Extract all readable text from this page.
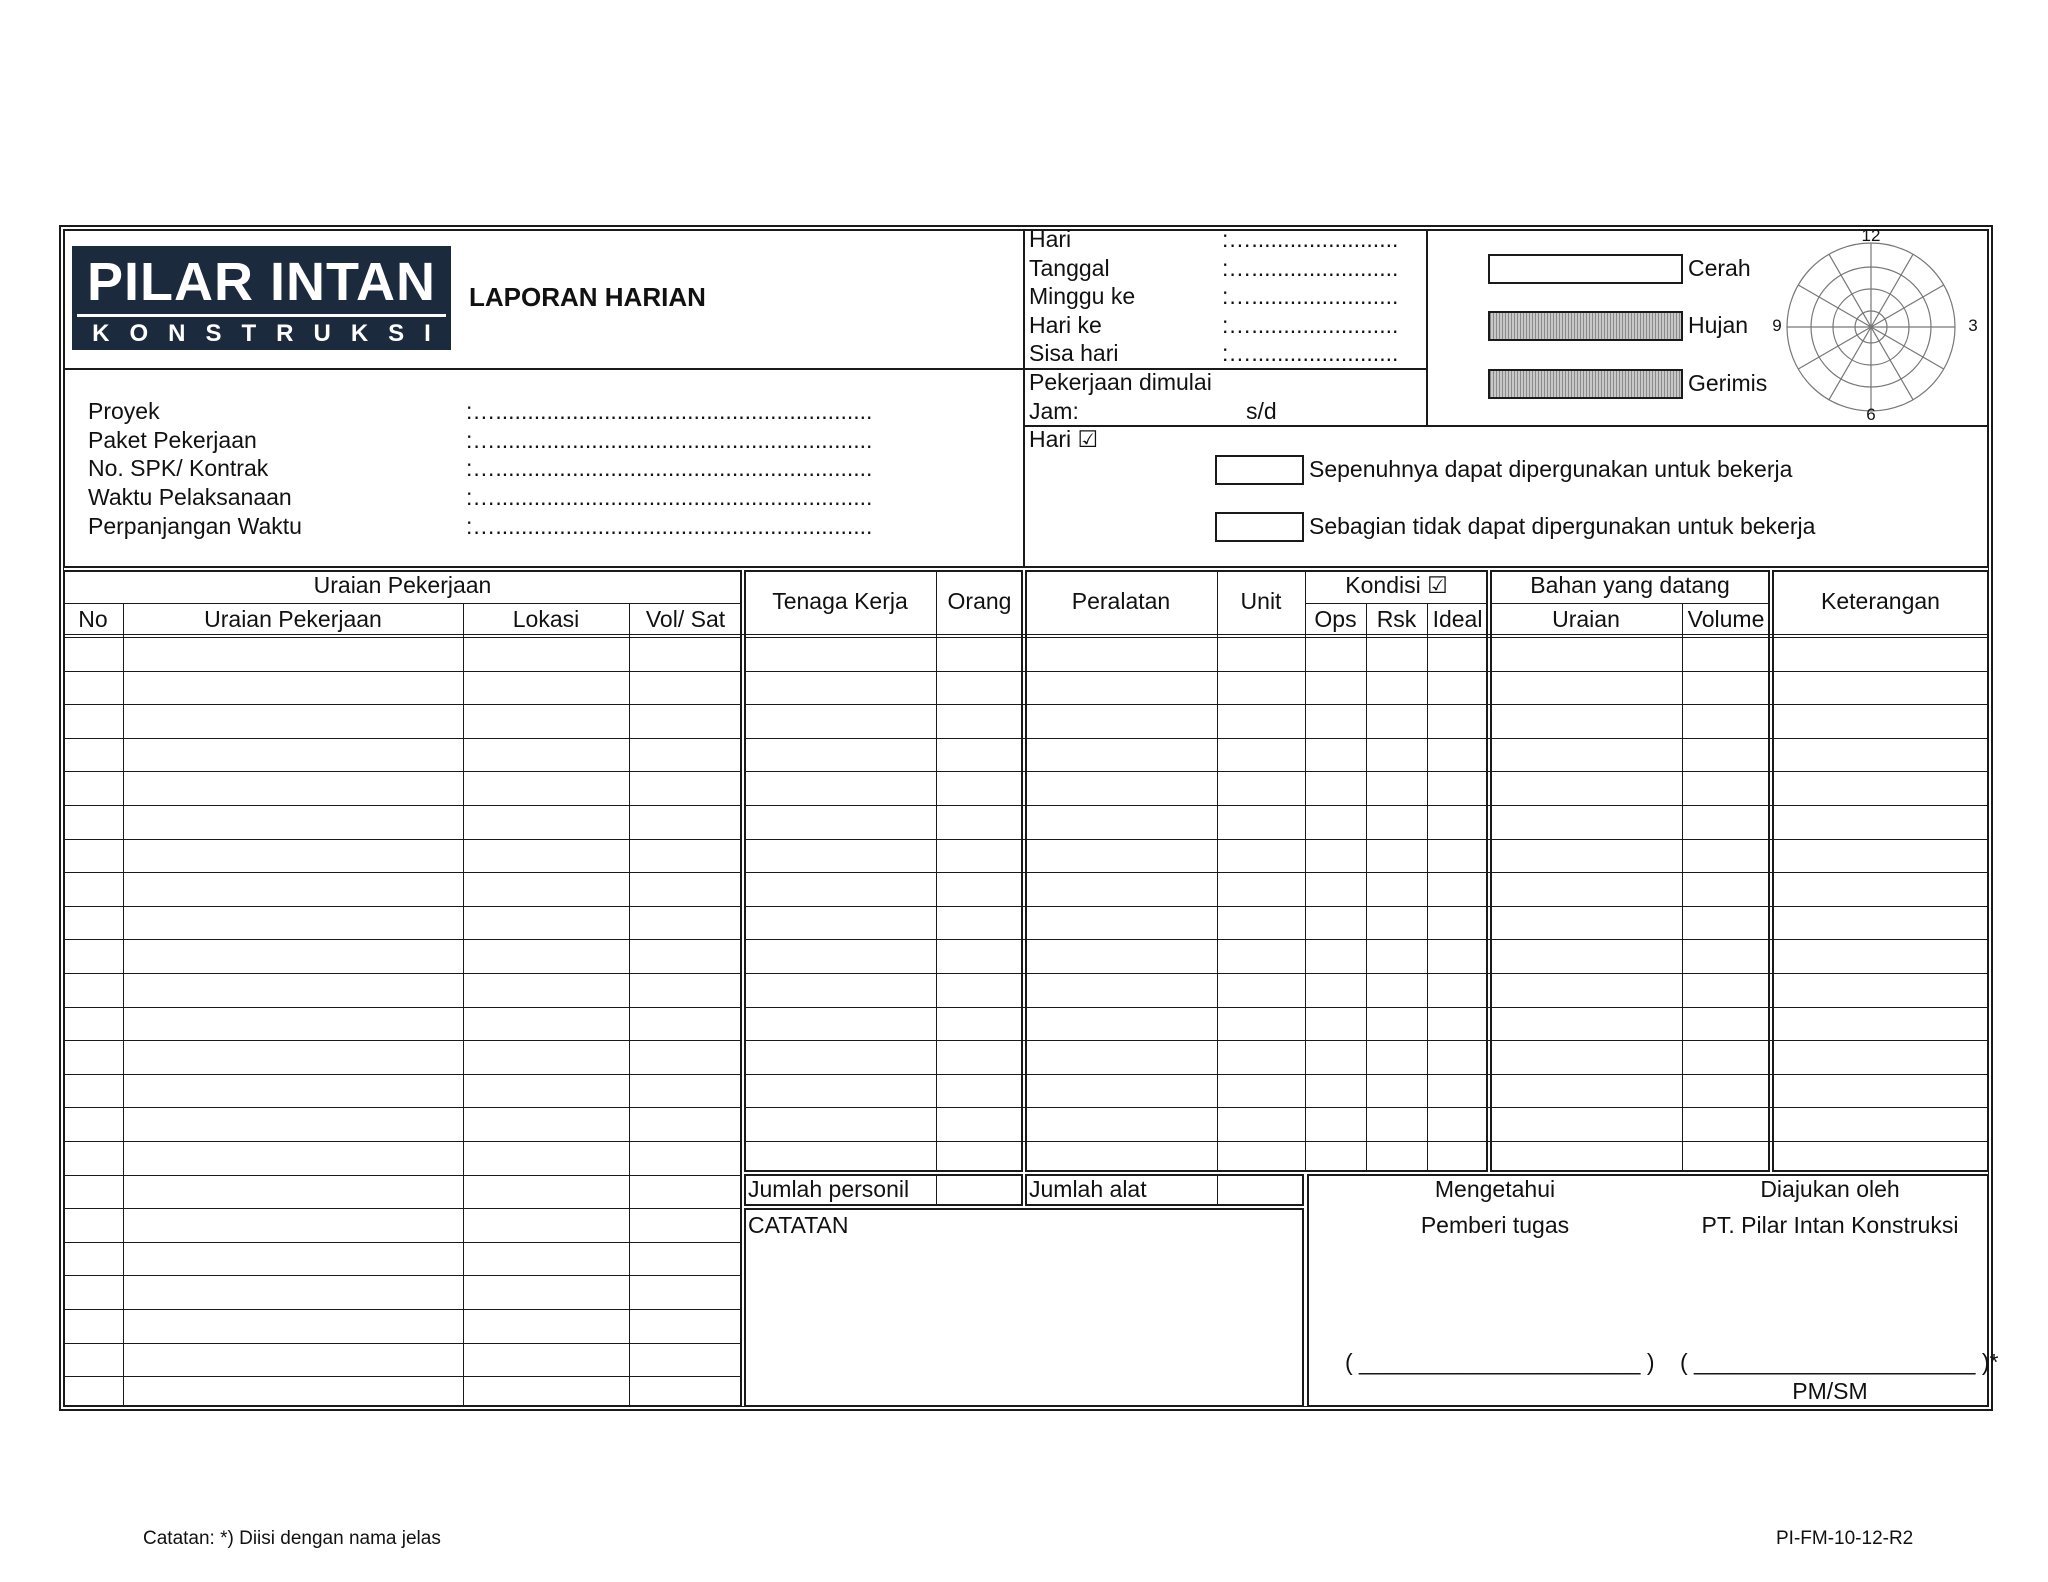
PILAR INTAN
KONSTRUKSI
LAPORAN HARIAN
Proyek	:…...........................................................
Paket Pekerjaan	:…...........................................................
No. SPK/ Kontrak	:…...........................................................
Waktu Pelaksanaan	:…...........................................................
Perpanjangan Waktu	:…...........................................................
Hari	:….......................
Tanggal	:….......................
Minggu ke	:….......................
Hari ke	:….......................
Sisa hari	:….......................
Pekerjaan dimulai
Jam:	s/d
Cerah
Hujan
Gerimis
12
3
6
9
Hari ☑
Sepenuhnya dapat dipergunakan untuk bekerja
Sebagian tidak dapat dipergunakan untuk bekerja
Uraian Pekerjaan
No	Uraian Pekerjaan	Lokasi	Vol/ Sat
Tenaga Kerja	Orang	Peralatan	Unit
Kondisi ☑
Ops Rsk Ideal
Bahan yang datang
Uraian	Volume
Keterangan
Jumlah personil	Jumlah alat
CATATAN
Mengetahui
Pemberi tugas
( ______________________ )
Diajukan oleh
PT. Pilar Intan Konstruksi
( ______________________ )*
PM/SM
Catatan: *) Diisi dengan nama jelas	PI-FM-10-12-R2
